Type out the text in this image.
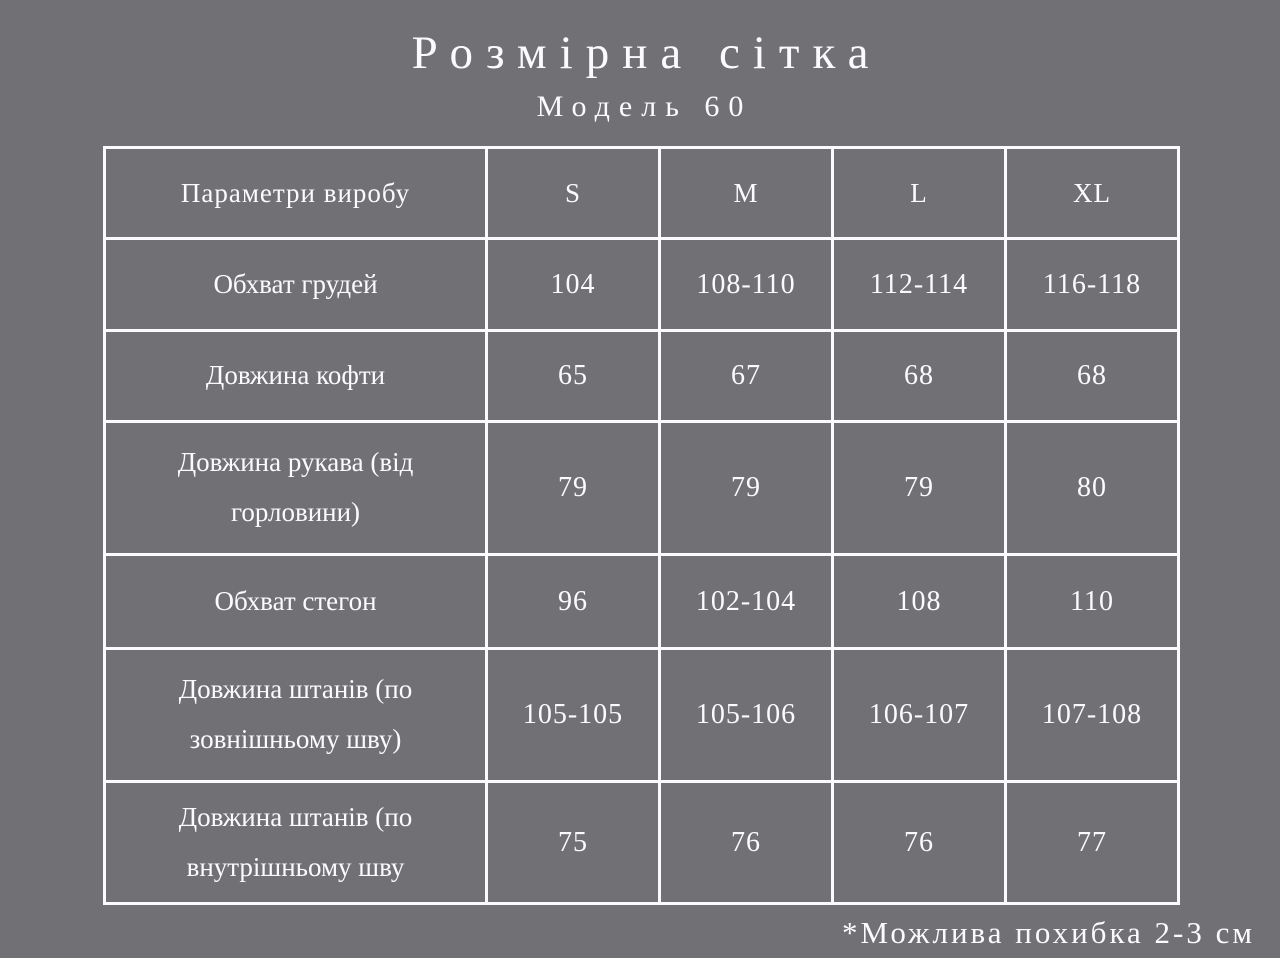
Розмірна сітка
Модель 60
Параметри виробу	S	M	L	XL
Обхват грудей	104	108-110	112-114	116-118
Довжина кофти	65	67	68	68
Довжина рукава (від горловини)	79	79	79	80
Обхват стегон	96	102-104	108	110
Довжина штанів (по зовнішньому шву)	105-105	105-106	106-107	107-108
Довжина штанів (по внутрішньому шву	75	76	76	77
*Можлива похибка 2-3 см
